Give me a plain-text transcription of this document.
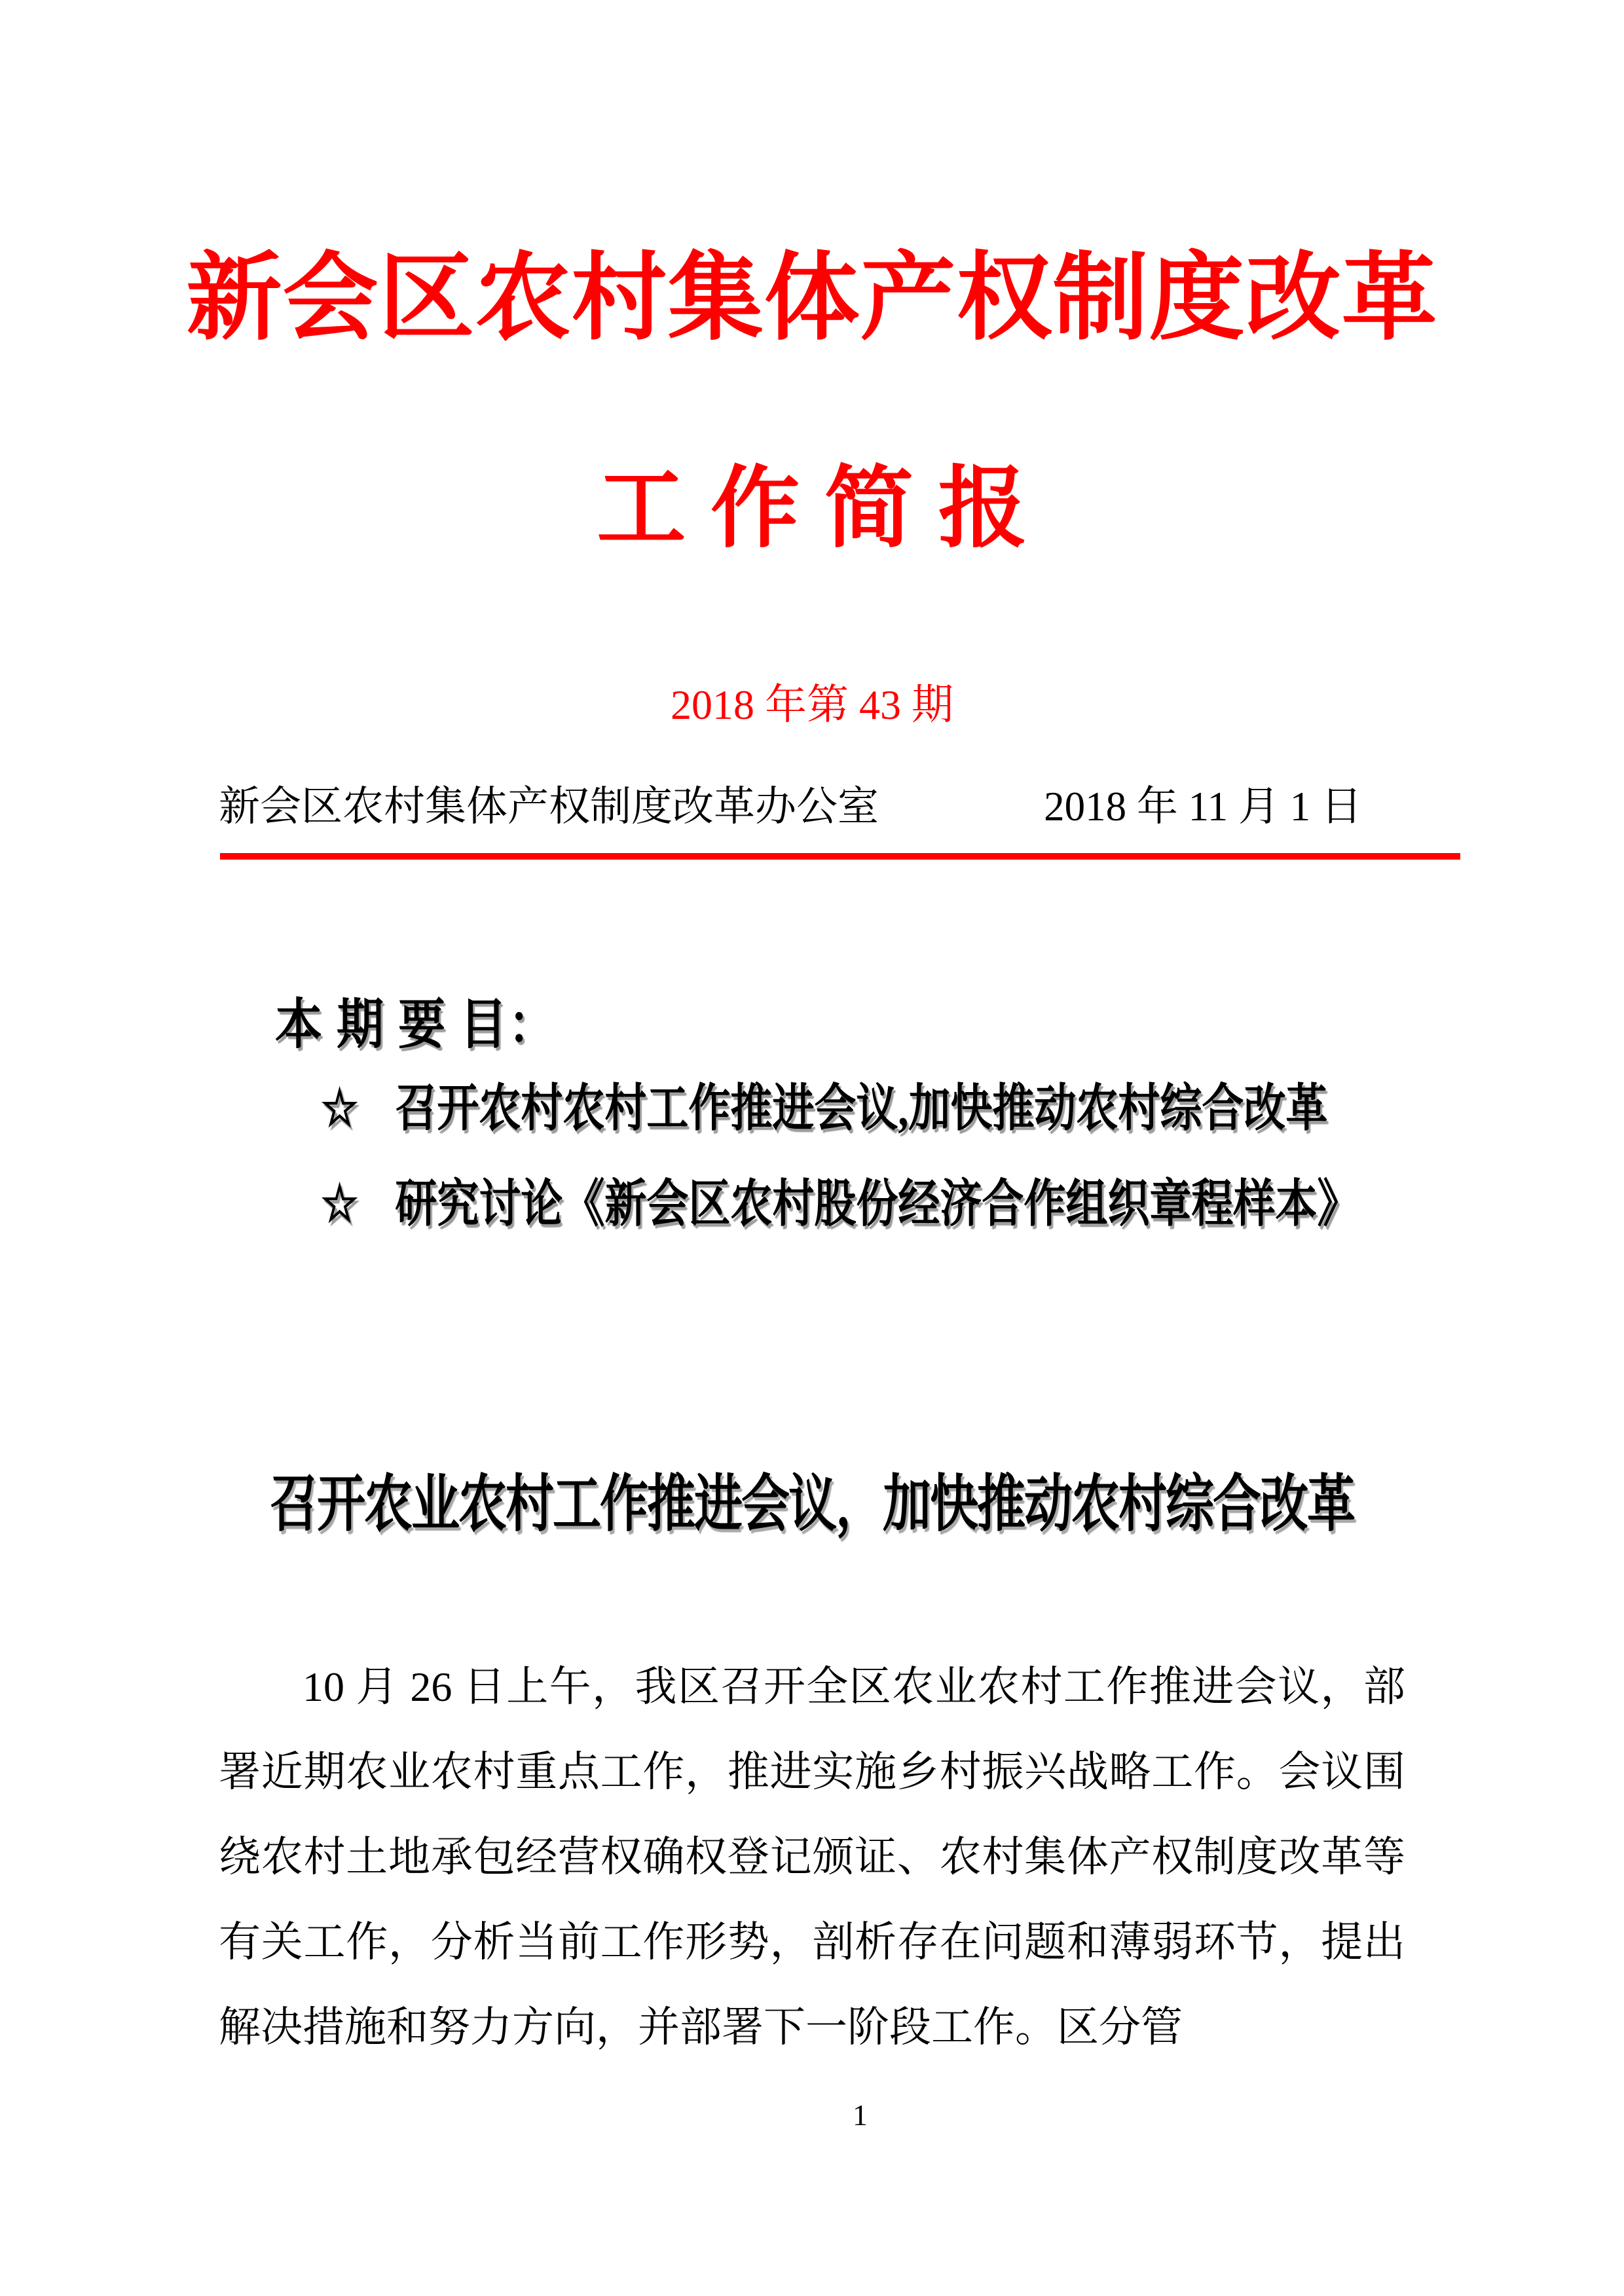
新会区农村集体产权制度改革
工 作 简 报
2018 年第 43 期
新会区农村集体产权制度改革办公室	2018 年 11 月 1 日
本 期 要 目：
☆ 召开农村农村工作推进会议,加快推动农村综合改革
☆ 研究讨论《新会区农村股份经济合作组织章程样本》
召开农业农村工作推进会议，加快推动农村综合改革
10 月 26 日上午，我区召开全区农业农村工作推进会议，部署近期农业农村重点工作，推进实施乡村振兴战略工作。会议围绕农村土地承包经营权确权登记颁证、农村集体产权制度改革等有关工作，分析当前工作形势，剖析存在问题和薄弱环节，提出解决措施和努力方向，并部署下一阶段工作。区分管
1
